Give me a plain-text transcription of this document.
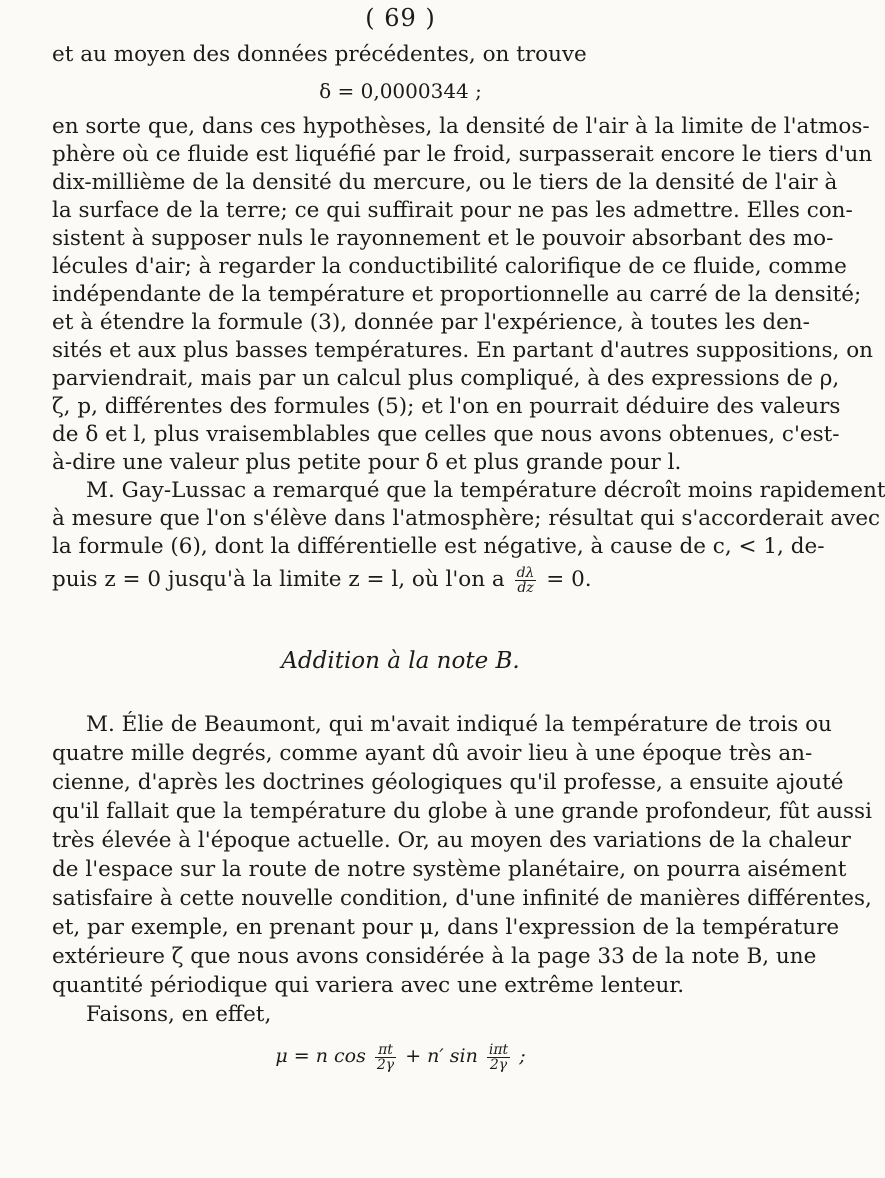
( 69 )
et au moyen des données précédentes, on trouve
δ = 0,0000344 ;
en sorte que, dans ces hypothèses, la densité de l'air à la limite de l'atmos-
phère où ce fluide est liquéfié par le froid, surpasserait encore le tiers d'un
dix-millième de la densité du mercure, ou le tiers de la densité de l'air à
la surface de la terre; ce qui suffirait pour ne pas les admettre. Elles con-
sistent à supposer nuls le rayonnement et le pouvoir absorbant des mo-
lécules d'air; à regarder la conductibilité calorifique de ce fluide, comme
indépendante de la température et proportionnelle au carré de la densité;
et à étendre la formule (3), donnée par l'expérience, à toutes les den-
sités et aux plus basses températures. En partant d'autres suppositions, on
parviendrait, mais par un calcul plus compliqué, à des expressions de ρ,
ζ, p, différentes des formules (5); et l'on en pourrait déduire des valeurs
de δ et l, plus vraisemblables que celles que nous avons obtenues, c'est-
à-dire une valeur plus petite pour δ et plus grande pour l.
M. Gay-Lussac a remarqué que la température décroît moins rapidement
à mesure que l'on s'élève dans l'atmosphère; résultat qui s'accorderait avec
la formule (6), dont la différentielle est négative, à cause de c, < 1, de-
puis z = 0 jusqu'à la limite z = l, où l'on a $\frac{d\lambda}{dz} = 0$.
Addition à la note B.
M. Élie de Beaumont, qui m'avait indiqué la température de trois ou
quatre mille degrés, comme ayant dû avoir lieu à une époque très an-
cienne, d'après les doctrines géologiques qu'il professe, a ensuite ajouté
qu'il fallait que la température du globe à une grande profondeur, fût aussi
très élevée à l'époque actuelle. Or, au moyen des variations de la chaleur
de l'espace sur la route de notre système planétaire, on pourra aisément
satisfaire à cette nouvelle condition, d'une infinité de manières différentes,
et, par exemple, en prenant pour μ, dans l'expression de la température
extérieure ζ que nous avons considérée à la page 33 de la note B, une
quantité périodique qui variera avec une extrême lenteur.
Faisons, en effet,
μ = n $\cos \frac{\pi t}{2\gamma} + n'$ $\sin \frac{\text{iπt}}{2\gamma}$ ;
